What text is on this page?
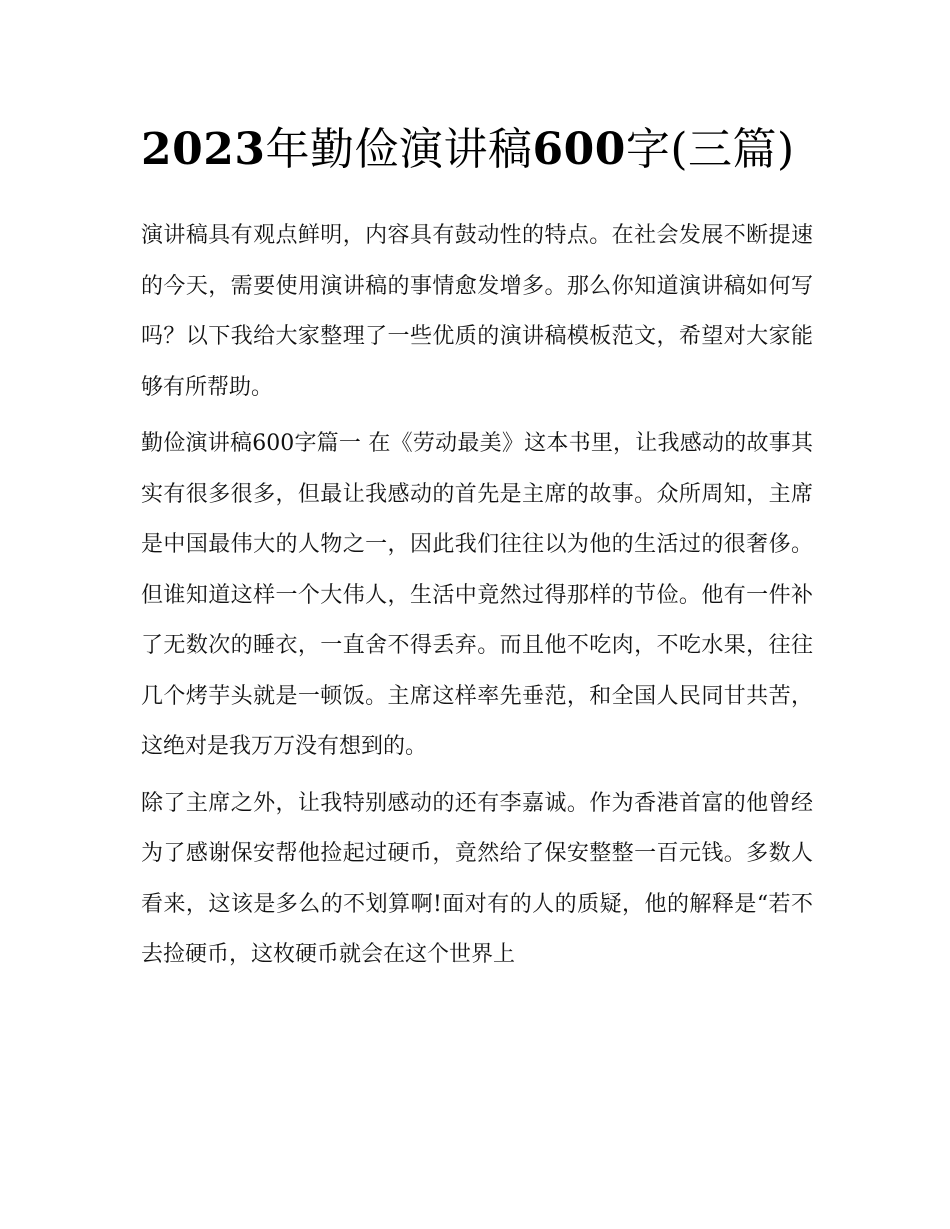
2023年勤俭演讲稿600字(三篇)

演讲稿具有观点鲜明，内容具有鼓动性的特点。在社会发展不断提速的今天，需要使用演讲稿的事情愈发增多。那么你知道演讲稿如何写吗？以下我给大家整理了一些优质的演讲稿模板范文，希望对大家能够有所帮助。

勤俭演讲稿600字篇一 在《劳动最美》这本书里，让我感动的故事其实有很多很多，但最让我感动的首先是主席的故事。众所周知，主席是中国最伟大的人物之一，因此我们往往以为他的生活过的很奢侈。但谁知道这样一个大伟人，生活中竟然过得那样的节俭。他有一件补了无数次的睡衣，一直舍不得丢弃。而且他不吃肉，不吃水果，往往几个烤芋头就是一顿饭。主席这样率先垂范，和全国人民同甘共苦，这绝对是我万万没有想到的。

除了主席之外，让我特别感动的还有李嘉诚。作为香港首富的他曾经为了感谢保安帮他捡起过硬币，竟然给了保安整整一百元钱。多数人看来，这该是多么的不划算啊!面对有的人的质疑，他的解释是“若不去捡硬币，这枚硬币就会在这个世界上
